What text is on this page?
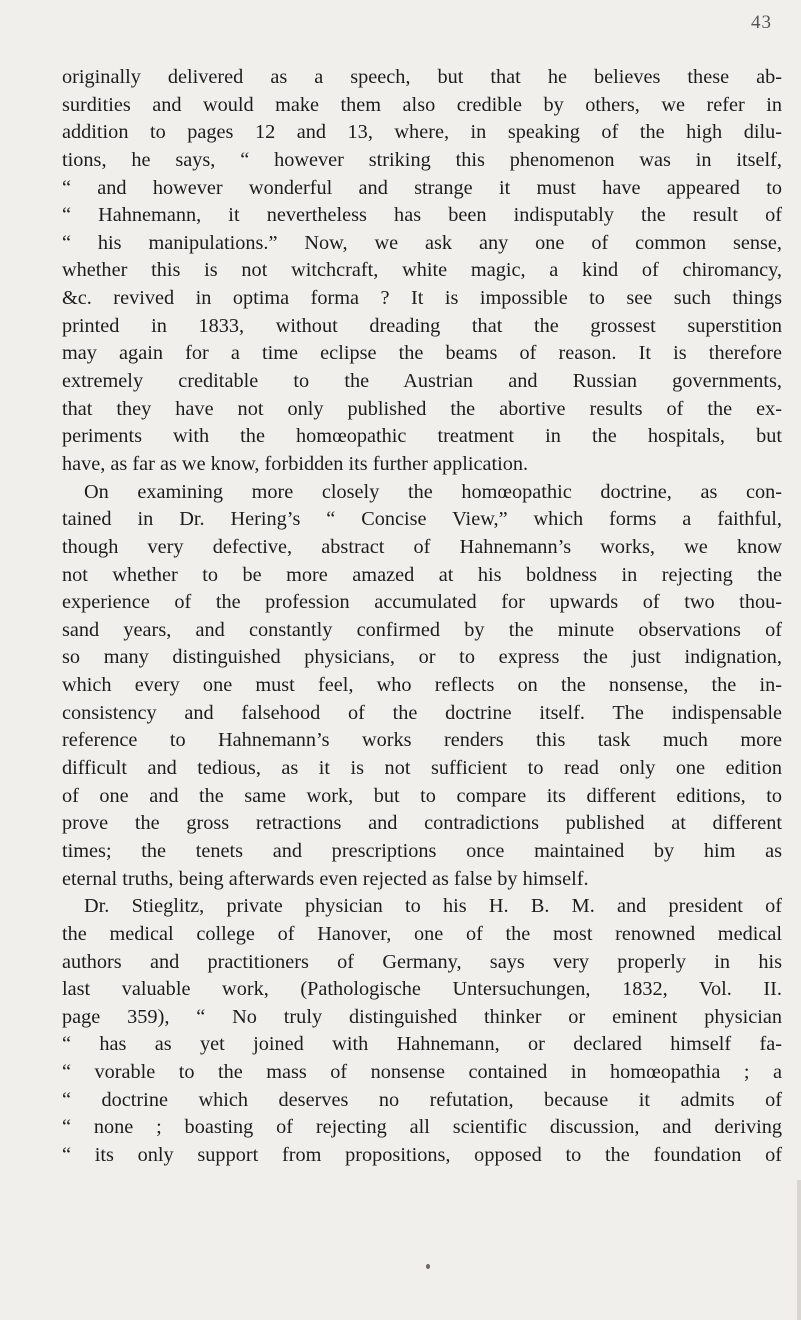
43
originally delivered as a speech, but that he believes these ab-
surdities and would make them also credible by others, we refer in
addition to pages 12 and 13, where, in speaking of the high dilu-
tions, he says, “ however striking this phenomenon was in itself,
“ and however wonderful and strange it must have appeared to
“ Hahnemann, it nevertheless has been indisputably the result of
“ his manipulations.” Now, we ask any one of common sense,
whether this is not witchcraft, white magic, a kind of chiromancy,
&c. revived in optima forma ? It is impossible to see such things
printed in 1833, without dreading that the grossest superstition
may again for a time eclipse the beams of reason. It is therefore
extremely creditable to the Austrian and Russian governments,
that they have not only published the abortive results of the ex-
periments with the homœopathic treatment in the hospitals, but
have, as far as we know, forbidden its further application.
On examining more closely the homœopathic doctrine, as con-
tained in Dr. Hering’s “ Concise View,” which forms a faithful,
though very defective, abstract of Hahnemann’s works, we know
not whether to be more amazed at his boldness in rejecting the
experience of the profession accumulated for upwards of two thou-
sand years, and constantly confirmed by the minute observations of
so many distinguished physicians, or to express the just indignation,
which every one must feel, who reflects on the nonsense, the in-
consistency and falsehood of the doctrine itself. The indispensable
reference to Hahnemann’s works renders this task much more
difficult and tedious, as it is not sufficient to read only one edition
of one and the same work, but to compare its different editions, to
prove the gross retractions and contradictions published at different
times; the tenets and prescriptions once maintained by him as
eternal truths, being afterwards even rejected as false by himself.
Dr. Stieglitz, private physician to his H. B. M. and president of
the medical college of Hanover, one of the most renowned medical
authors and practitioners of Germany, says very properly in his
last valuable work, (Pathologische Untersuchungen, 1832, Vol. II.
page 359), “ No truly distinguished thinker or eminent physician
“ has as yet joined with Hahnemann, or declared himself fa-
“ vorable to the mass of nonsense contained in homœopathia ; a
“ doctrine which deserves no refutation, because it admits of
“ none ; boasting of rejecting all scientific discussion, and deriving
“ its only support from propositions, opposed to the foundation of
